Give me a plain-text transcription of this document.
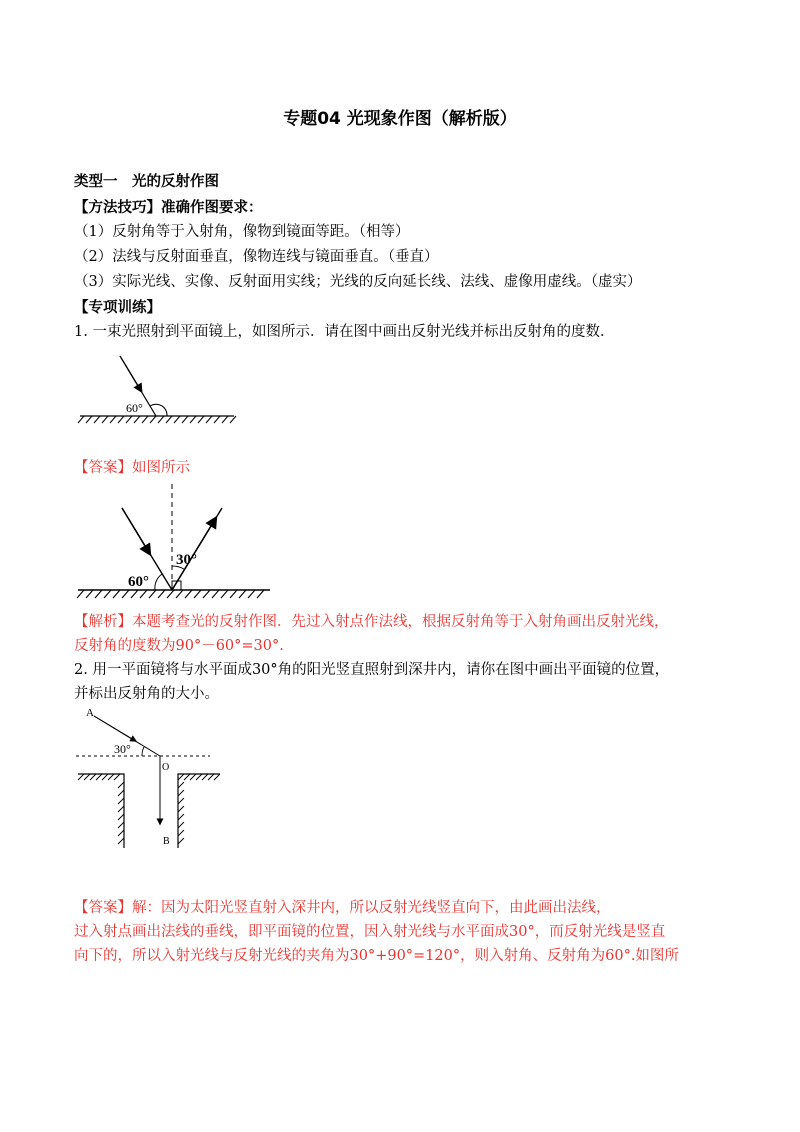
专题04 光现象作图（解析版）
类型一　光的反射作图
【方法技巧】准确作图要求：
（1）反射角等于入射角，像物到镜面等距。（相等）
（2）法线与反射面垂直，像物连线与镜面垂直。（垂直）
（3）实际光线、实像、反射面用实线；光线的反向延长线、法线、虚像用虚线。（虚实）
【专项训练】
1. 一束光照射到平面镜上，如图所示．请在图中画出反射光线并标出反射角的度数．
60°
【答案】如图所示
30°
60°
【解析】本题考查光的反射作图．先过入射点作法线，根据反射角等于入射角画出反射光线，
反射角的度数为90°－60°=30°.
2. 用一平面镜将与水平面成30°角的阳光竖直照射到深井内，请你在图中画出平面镜的位置，
并标出反射角的大小。
A
30°
O
B
【答案】解：因为太阳光竖直射入深井内，所以反射光线竖直向下，由此画出法线，
过入射点画出法线的垂线，即平面镜的位置，因入射光线与水平面成30°，而反射光线是竖直
向下的，所以入射光线与反射光线的夹角为30°+90°=120°，则入射角、反射角为60°.如图所
